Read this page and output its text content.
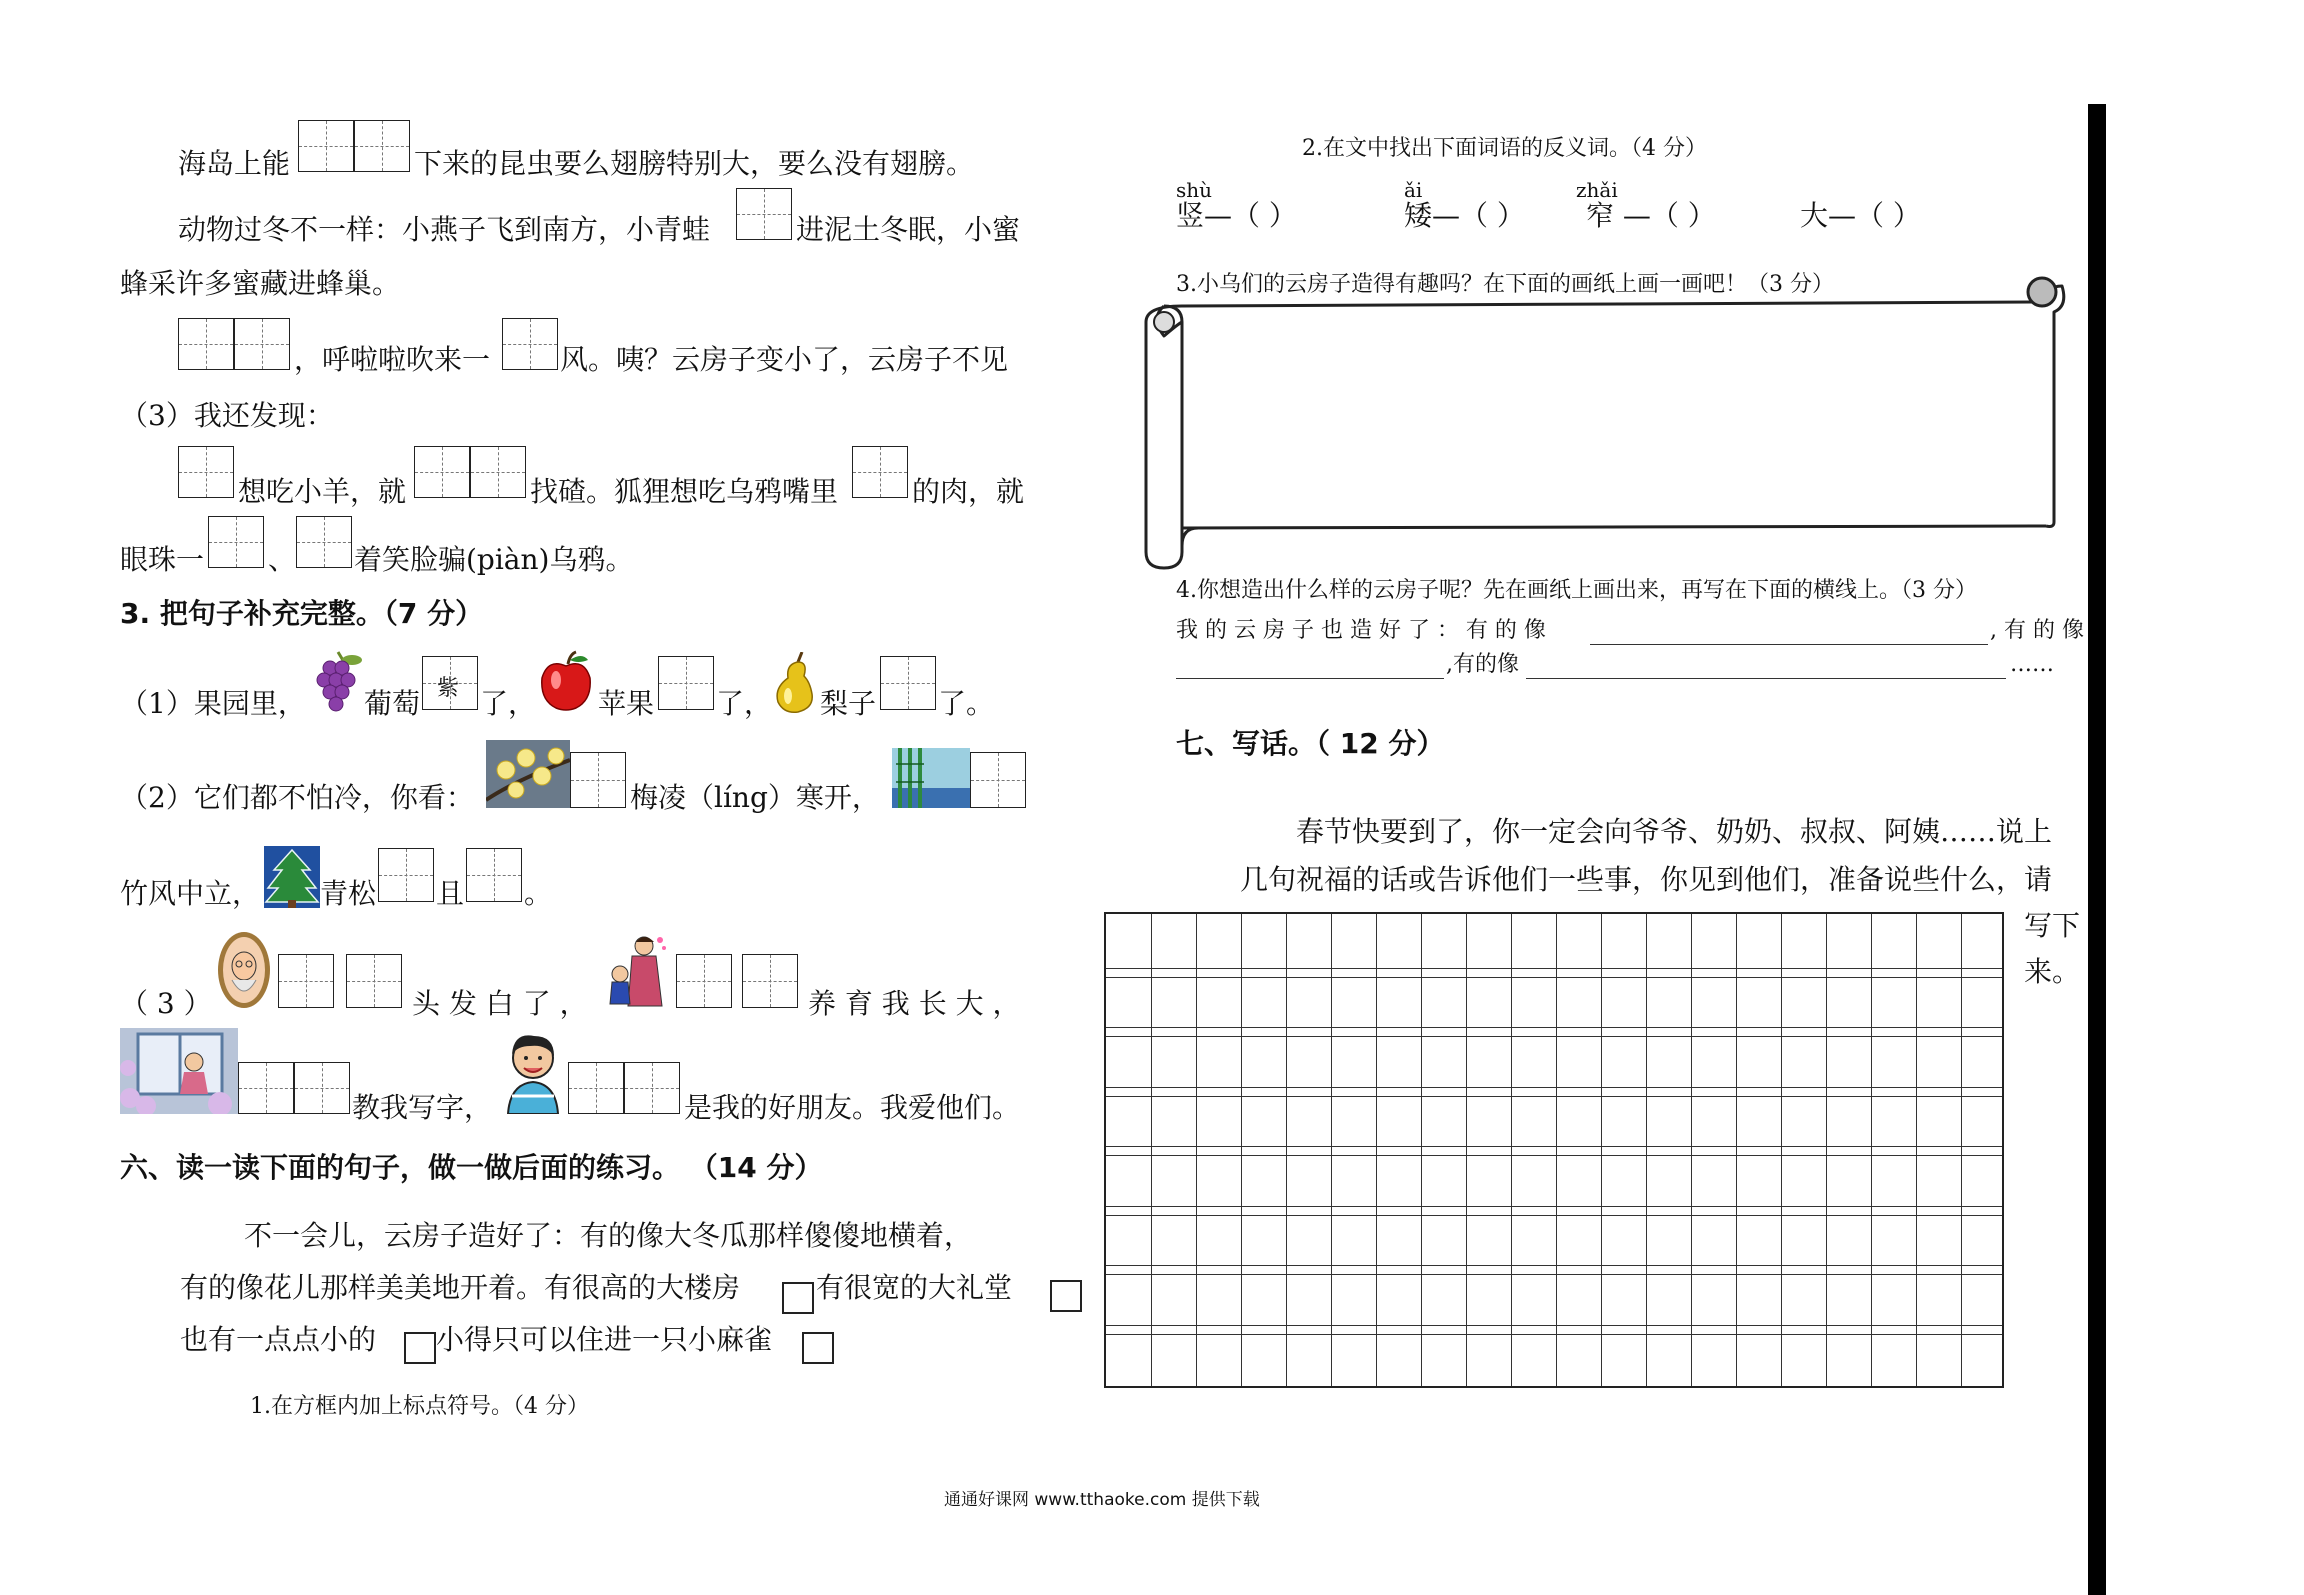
海岛上能	下来的昆虫要么翅膀特别大，要么没有翅膀。
动物过冬不一样：小燕子飞到南方，小青蛙	进泥土冬眠，小蜜
蜂采许多蜜藏进蜂巢。
，呼啦啦吹来一 风。咦？云房子变小了，云房子不见
（3）我还发现：
想吃小羊，就	找碴。狐狸想吃乌鸦嘴里	的肉，就
眼珠一 、 着笑脸骗(piàn)乌鸦。
3. 把句子补充完整。（7 分）
（1）果园里， 葡萄 紫 了， 苹果 了， 梨子 了。
（2）它们都不怕冷，你看：	梅凌（líng）寒开，
竹风中立， 青松 且 。
（ 3 ）	头 发 白 了 ，	养 育 我 长 大 ，
教我写字，	是我的好朋友。我爱他们。
六、读一读下面的句子，做一做后面的练习。 （14 分）
不一会儿，云房子造好了：有的像大冬瓜那样傻傻地横着，
有的像花儿那样美美地开着。有很高的大楼房	有很宽的大礼堂
也有一点点小的 小得只可以住进一只小麻雀
1.在方框内加上标点符号。（4 分）
2.在文中找出下面词语的反义词。（4 分）
shù	ǎi	zhǎi
竖—（ ）	矮—（ ） 窄 —（ ）	大—（ ）
3.小乌们的云房子造得有趣吗？在下面的画纸上画一画吧！（3 分）
4.你想造出什么样的云房子呢？先在画纸上画出来，再写在下面的横线上。（3 分）
我 的 云 房 子 也 造 好 了 ： 有 的 像	, 有 的 像
,有的像	……
七、写话。（ 12 分）
春节快要到了，你一定会向爷爷、奶奶、叔叔、阿姨……说上
几句祝福的话或告诉他们一些事，你见到他们，准备说些什么，请
写下
来。
通通好课网 www.tthaoke.com 提供下载
